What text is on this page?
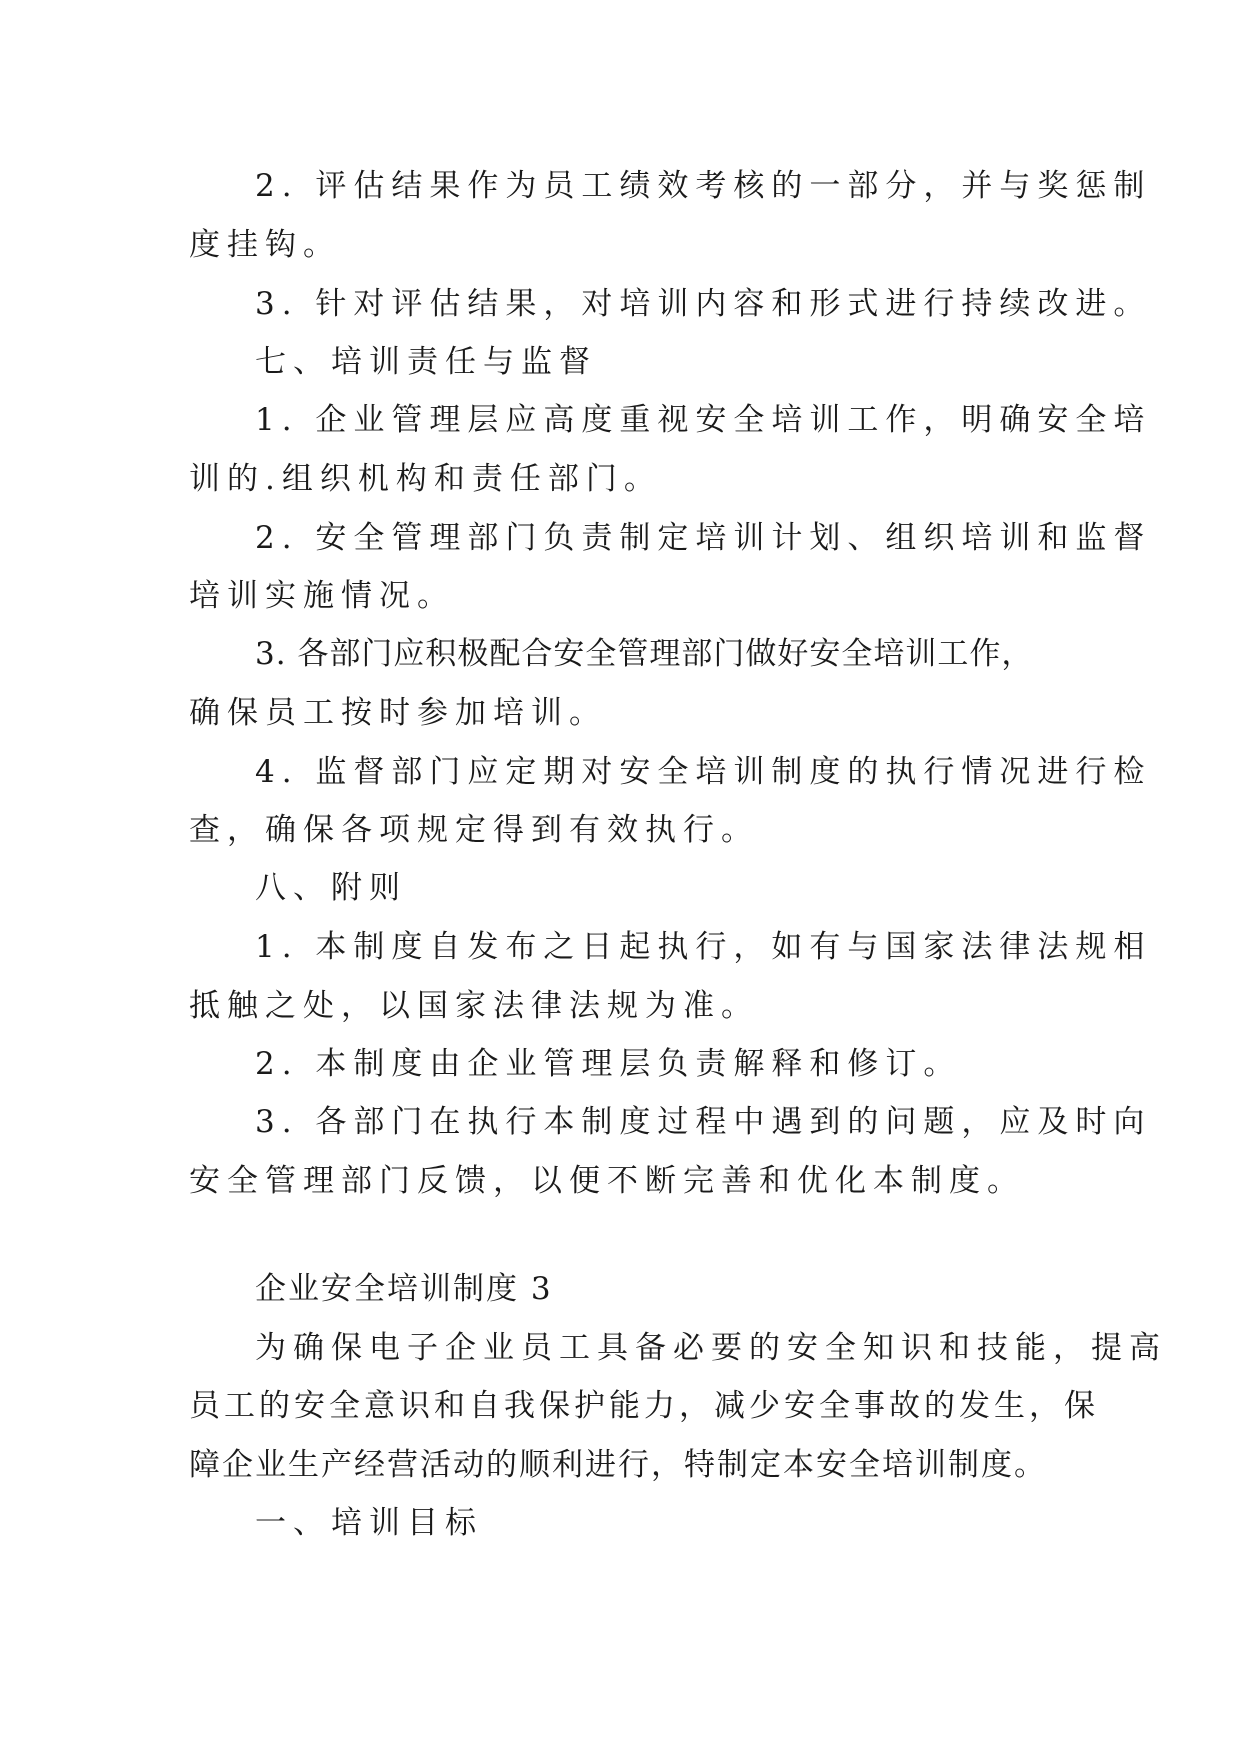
2. 评估结果作为员工绩效考核的一部分，并与奖惩制
度挂钩。
3. 针对评估结果，对培训内容和形式进行持续改进。
七、培训责任与监督
1. 企业管理层应高度重视安全培训工作，明确安全培
训的.组织机构和责任部门。
2. 安全管理部门负责制定培训计划、组织培训和监督
培训实施情况。
3. 各部门应积极配合安全管理部门做好安全培训工作，
确保员工按时参加培训。
4. 监督部门应定期对安全培训制度的执行情况进行检
查，确保各项规定得到有效执行。
八、附则
1. 本制度自发布之日起执行，如有与国家法律法规相
抵触之处，以国家法律法规为准。
2. 本制度由企业管理层负责解释和修订。
3. 各部门在执行本制度过程中遇到的问题，应及时向
安全管理部门反馈，以便不断完善和优化本制度。
企业安全培训制度 3
为确保电子企业员工具备必要的安全知识和技能，提高
员工的安全意识和自我保护能力，减少安全事故的发生，保
障企业生产经营活动的顺利进行，特制定本安全培训制度。
一、培训目标
